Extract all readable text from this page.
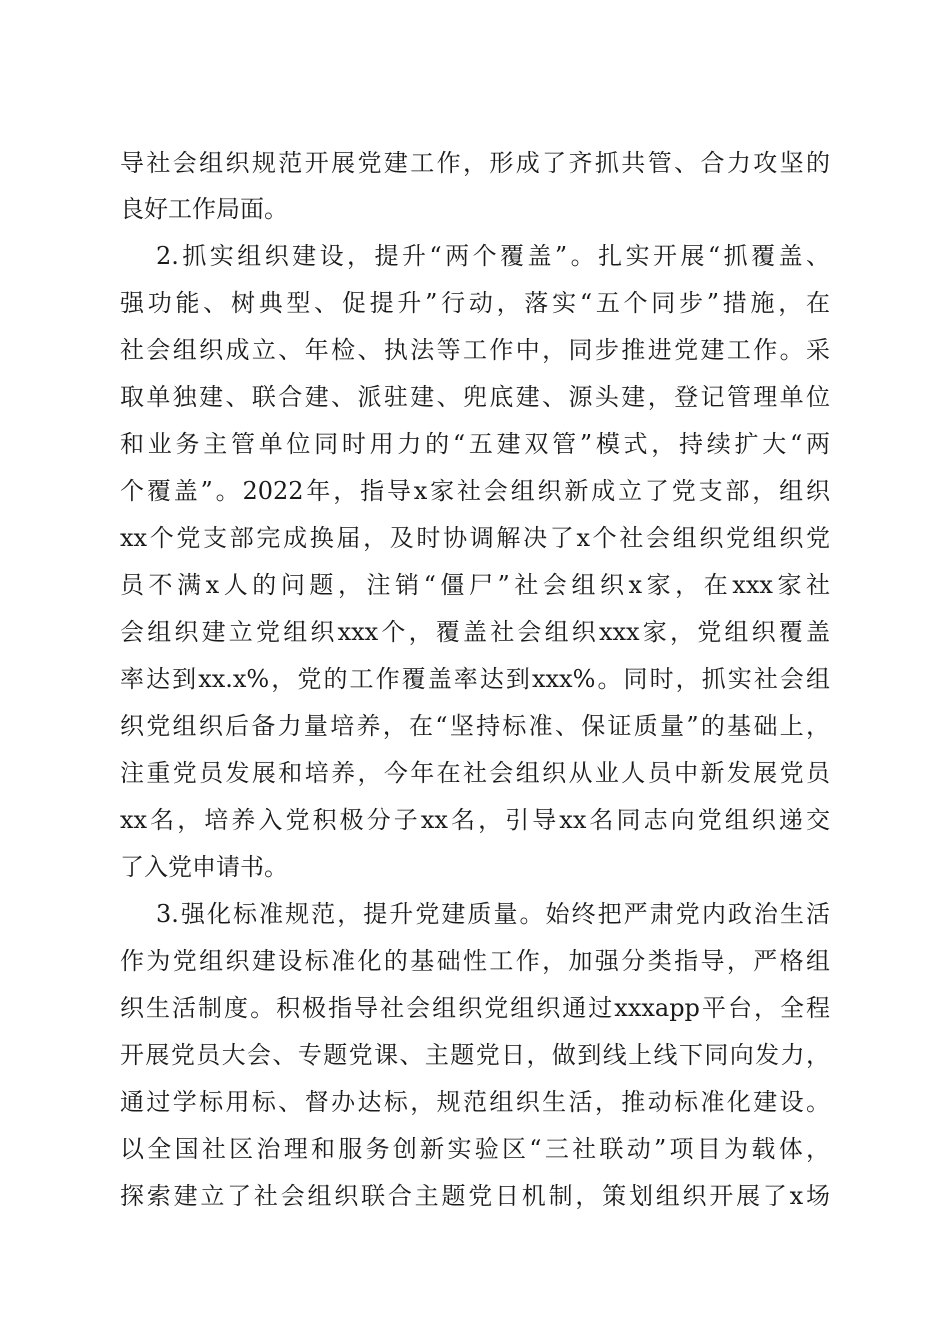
导社会组织规范开展党建工作，形成了齐抓共管、合力攻坚的
良好工作局面。
2.抓实组织建设，提升“两个覆盖”。扎实开展“抓覆盖、
强功能、树典型、促提升”行动，落实“五个同步”措施，在
社会组织成立、年检、执法等工作中，同步推进党建工作。采
取单独建、联合建、派驻建、兜底建、源头建，登记管理单位
和业务主管单位同时用力的“五建双管”模式，持续扩大“两
个覆盖”。2022年，指导x家社会组织新成立了党支部，组织
xx个党支部完成换届，及时协调解决了x个社会组织党组织党
员不满x人的问题，注销“僵尸”社会组织x家，在xxx家社
会组织建立党组织xxx个，覆盖社会组织xxx家，党组织覆盖
率达到xx.x%，党的工作覆盖率达到xxx%。同时，抓实社会组
织党组织后备力量培养，在“坚持标准、保证质量”的基础上，
注重党员发展和培养，今年在社会组织从业人员中新发展党员
xx名，培养入党积极分子xx名，引导xx名同志向党组织递交
了入党申请书。
3.强化标准规范，提升党建质量。始终把严肃党内政治生活
作为党组织建设标准化的基础性工作，加强分类指导，严格组
织生活制度。积极指导社会组织党组织通过xxxapp平台，全程
开展党员大会、专题党课、主题党日，做到线上线下同向发力，
通过学标用标、督办达标，规范组织生活，推动标准化建设。
以全国社区治理和服务创新实验区“三社联动”项目为载体，
探索建立了社会组织联合主题党日机制，策划组织开展了x场
